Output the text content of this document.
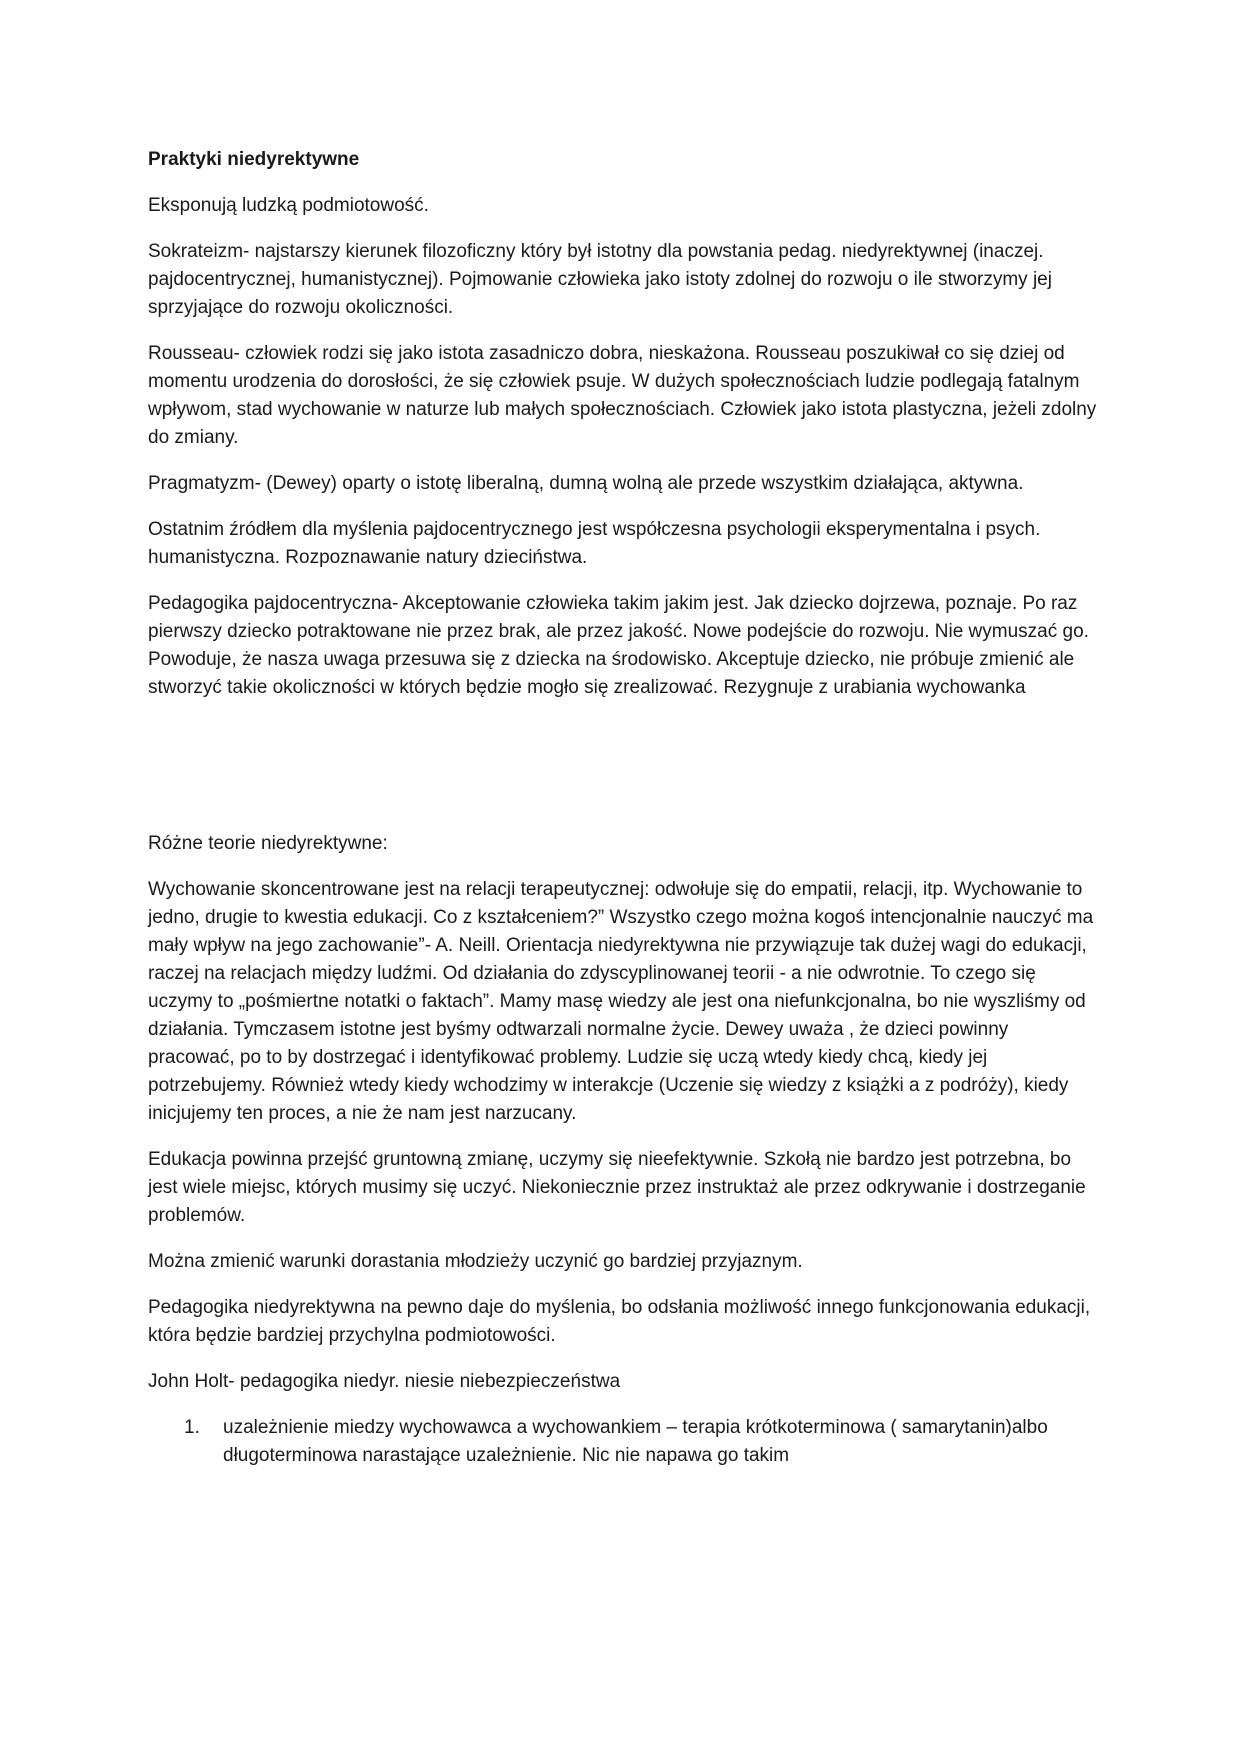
Praktyki niedyrektywne

Eksponują ludzką podmiotowość.

Sokrateizm- najstarszy kierunek filozoficzny który był istotny dla powstania pedag. niedyrektywnej (inaczej. pajdocentrycznej, humanistycznej). Pojmowanie człowieka jako istoty zdolnej do rozwoju o ile stworzymy jej sprzyjające do rozwoju okoliczności.

Rousseau- człowiek rodzi się jako istota zasadniczo dobra, nieskażona. Rousseau poszukiwał co się dziej od momentu urodzenia do dorosłości, że się człowiek psuje. W dużych społecznościach ludzie podlegają fatalnym wpływom, stad wychowanie w naturze lub małych społecznościach. Człowiek jako istota plastyczna, jeżeli zdolny do zmiany.

Pragmatyzm- (Dewey) oparty o istotę liberalną, dumną wolną ale przede wszystkim działająca, aktywna.

Ostatnim źródłem dla myślenia pajdocentrycznego jest współczesna psychologii eksperymentalna i psych. humanistyczna. Rozpoznawanie natury dzieciństwa.

Pedagogika pajdocentryczna- Akceptowanie człowieka takim jakim jest. Jak dziecko dojrzewa, poznaje. Po raz pierwszy dziecko potraktowane nie przez brak, ale przez jakość. Nowe podejście do rozwoju. Nie wymuszać go. Powoduje, że nasza uwaga przesuwa się z dziecka na środowisko. Akceptuje dziecko, nie próbuje zmienić ale stworzyć takie okoliczności w których będzie mogło się zrealizować. Rezygnuje z urabiania wychowanka

Różne teorie niedyrektywne:

Wychowanie skoncentrowane jest na relacji terapeutycznej: odwołuje się do empatii, relacji, itp. Wychowanie to jedno, drugie to kwestia edukacji. Co z kształceniem?” Wszystko czego można kogoś intencjonalnie nauczyć ma mały wpływ na jego zachowanie”- A. Neill. Orientacja niedyrektywna nie przywiązuje tak dużej wagi do edukacji, raczej na relacjach między ludźmi. Od działania do zdyscyplinowanej teorii - a nie odwrotnie. To czego się uczymy to „pośmiertne notatki o faktach”. Mamy masę wiedzy ale jest ona niefunkcjonalna, bo nie wyszliśmy od działania. Tymczasem istotne jest byśmy odtwarzali normalne życie. Dewey uważa , że dzieci powinny pracować, po to by dostrzegać i identyfikować problemy. Ludzie się uczą wtedy kiedy chcą, kiedy jej potrzebujemy. Również wtedy kiedy wchodzimy w interakcje (Uczenie się wiedzy z książki a z podróży), kiedy inicjujemy ten proces, a nie że nam jest narzucany.

Edukacja powinna przejść gruntowną zmianę, uczymy się nieefektywnie. Szkołą nie bardzo jest potrzebna, bo jest wiele miejsc, których musimy się uczyć. Niekoniecznie przez instruktaż ale przez odkrywanie i dostrzeganie problemów.

Można zmienić warunki dorastania młodzieży uczynić go bardziej przyjaznym.

Pedagogika niedyrektywna na pewno daje do myślenia, bo odsłania możliwość innego funkcjonowania edukacji, która będzie bardziej przychylna podmiotowości.

John Holt- pedagogika niedyr. niesie niebezpieczeństwa

1. uzależnienie miedzy wychowawca a wychowankiem – terapia krótkoterminowa ( samarytanin)albo długoterminowa narastające uzależnienie. Nic nie napawa go takim
